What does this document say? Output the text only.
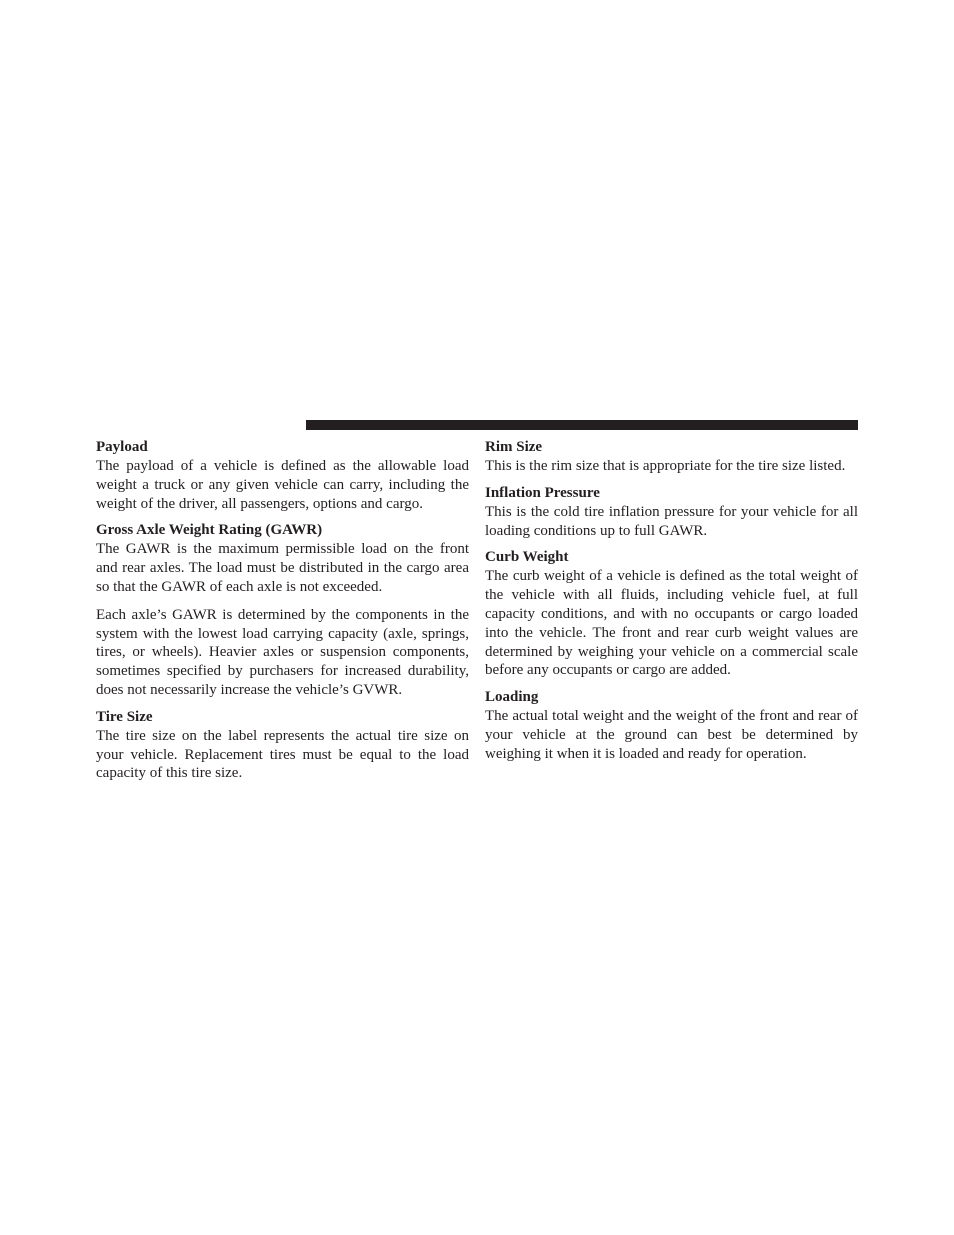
Payload

The payload of a vehicle is defined as the allowable load weight a truck or any given vehicle can carry, including the weight of the driver, all passengers, options and cargo.

Gross Axle Weight Rating (GAWR)

The GAWR is the maximum permissible load on the front and rear axles. The load must be distributed in the cargo area so that the GAWR of each axle is not exceeded.

Each axle’s GAWR is determined by the components in the system with the lowest load carrying capacity (axle, springs, tires, or wheels). Heavier axles or suspension components, sometimes specified by purchasers for increased durability, does not necessarily increase the vehicle’s GVWR.

Tire Size

The tire size on the label represents the actual tire size on your vehicle. Replacement tires must be equal to the load capacity of this tire size.

Rim Size

This is the rim size that is appropriate for the tire size listed.

Inflation Pressure

This is the cold tire inflation pressure for your vehicle for all loading conditions up to full GAWR.

Curb Weight

The curb weight of a vehicle is defined as the total weight of the vehicle with all fluids, including vehicle fuel, at full capacity conditions, and with no occupants or cargo loaded into the vehicle. The front and rear curb weight values are determined by weighing your vehicle on a commercial scale before any occupants or cargo are added.

Loading

The actual total weight and the weight of the front and rear of your vehicle at the ground can best be determined by weighing it when it is loaded and ready for operation.
